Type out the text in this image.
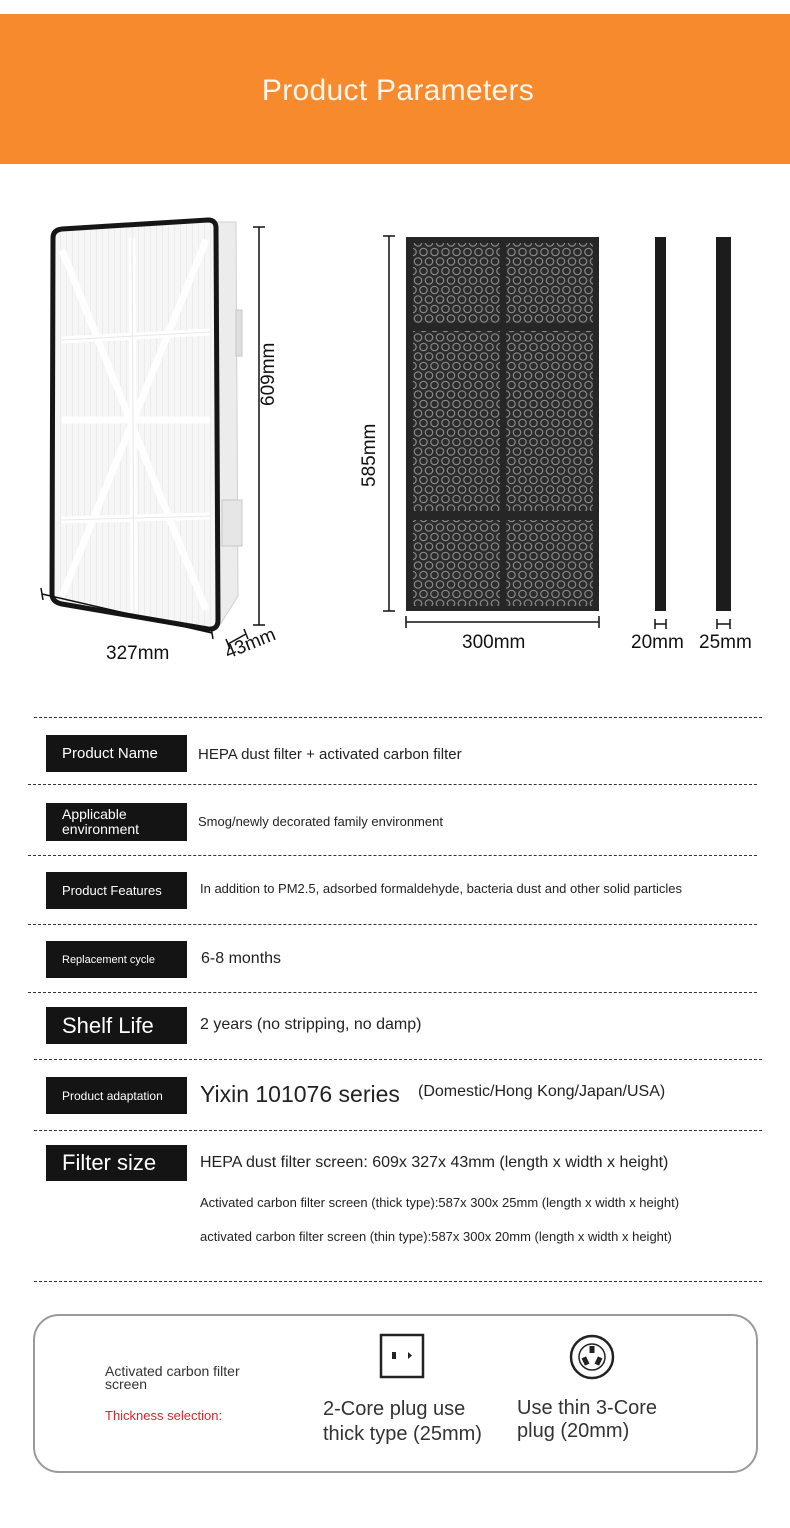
Product Parameters
609mm
327mm	43mm
585mm
300mm	20mm 25mm
Product Name	HEPA dust filter + activated carbon filter
Applicable environment	Smog/newly decorated family environment
Product Features	In addition to PM2.5, adsorbed formaldehyde, bacteria dust and other solid particles
Replacement cycle	6-8 months
Shelf Life	2 years (no stripping, no damp)
Product adaptation	Yixin 101076 series (Domestic/Hong Kong/Japan/USA)
Filter size	HEPA dust filter screen: 609x 327x 43mm (length x width x height)
Activated carbon filter screen (thick type):587x 300x 25mm (length x width x height)
activated carbon filter screen (thin type):587x 300x 20mm (length x width x height)
Activated carbon filter screen
Thickness selection:	2-Core plug use thick type (25mm)
Use thin 3-Core plug (20mm)
